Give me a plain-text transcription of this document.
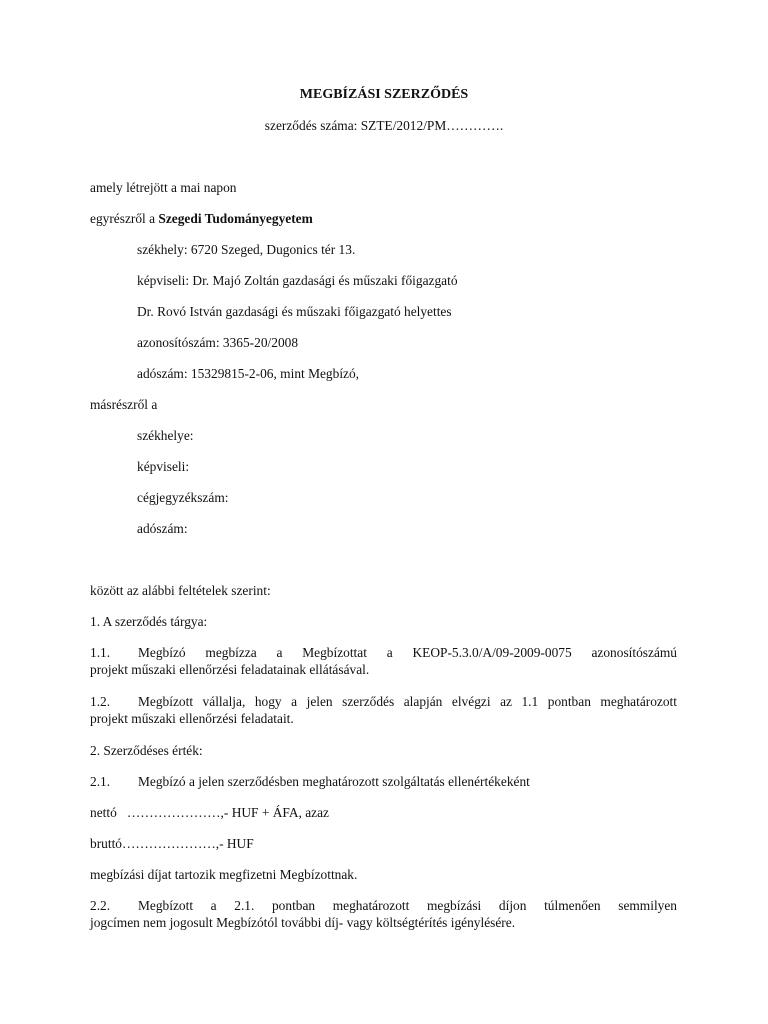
MEGBÍZÁSI SZERZŐDÉS
szerződés száma: SZTE/2012/PM………….
amely létrejött a mai napon
egyrészről a Szegedi Tudományegyetem
székhely: 6720 Szeged, Dugonics tér 13.
képviseli: Dr. Majó Zoltán gazdasági és műszaki főigazgató
Dr. Rovó István gazdasági és műszaki főigazgató helyettes
azonosítószám: 3365-20/2008
adószám: 15329815-2-06, mint Megbízó,
másrészről a
székhelye:
képviseli:
cégjegyzékszám:
adószám:
között az alábbi feltételek szerint:
1. A szerződés tárgya:
1.1. Megbízó megbízza a Megbízottat a KEOP-5.3.0/A/09-2009-0075 azonosítószámú
projekt műszaki ellenőrzési feladatainak ellátásával.
1.2. Megbízott vállalja, hogy a jelen szerződés alapján elvégzi az 1.1 pontban meghatározott
projekt műszaki ellenőrzési feladatait.
2. Szerződéses érték:
2.1. Megbízó a jelen szerződésben meghatározott szolgáltatás ellenértékeként
nettó   …………………,- HUF + ÁFA, azaz
bruttó…………………,- HUF
megbízási díjat tartozik megfizetni Megbízottnak.
2.2. Megbízott a 2.1. pontban meghatározott megbízási díjon túlmenően semmilyen
jogcímen nem jogosult Megbízótól további díj- vagy költségtérítés igénylésére.
